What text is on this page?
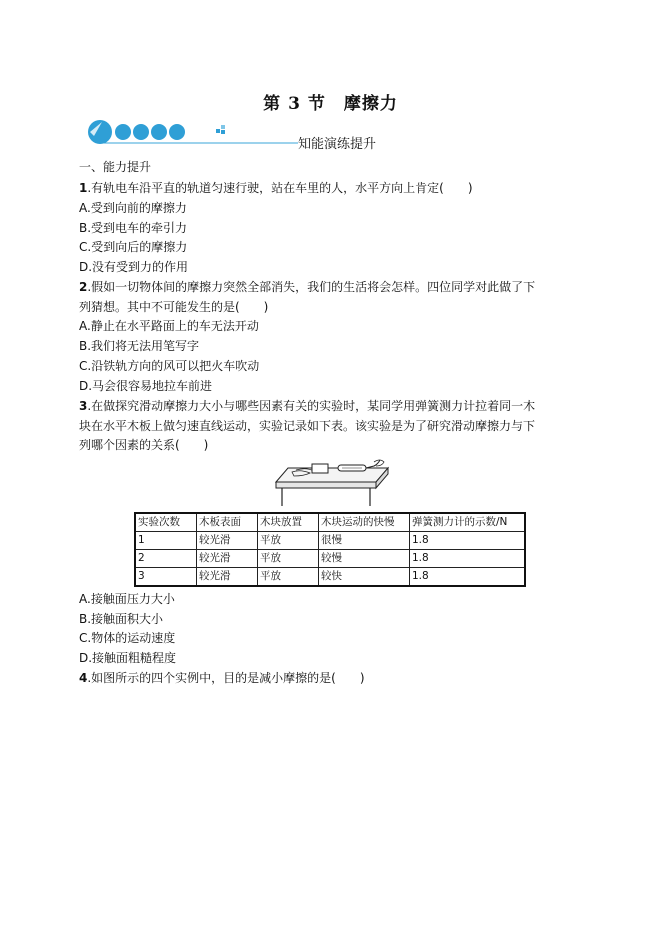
第 3 节　摩擦力
知能演练提升
一、能力提升
1.有轨电车沿平直的轨道匀速行驶，站在车里的人，水平方向上肯定(　　)
A.受到向前的摩擦力
B.受到电车的牵引力
C.受到向后的摩擦力
D.没有受到力的作用
2.假如一切物体间的摩擦力突然全部消失，我们的生活将会怎样。四位同学对此做了下
列猜想。其中不可能发生的是(　　)
A.静止在水平路面上的车无法开动
B.我们将无法用笔写字
C.沿铁轨方向的风可以把火车吹动
D.马会很容易地拉车前进
3.在做探究滑动摩擦力大小与哪些因素有关的实验时，某同学用弹簧测力计拉着同一木
块在水平木板上做匀速直线运动，实验记录如下表。该实验是为了研究滑动摩擦力与下
列哪个因素的关系(　　)
实验次数	木板表面	木块放置	木块运动的快慢	弹簧测力计的示数/N
1	较光滑	平放	很慢	1.8
2	较光滑	平放	较慢	1.8
3	较光滑	平放	较快	1.8
A.接触面压力大小
B.接触面积大小
C.物体的运动速度
D.接触面粗糙程度
4.如图所示的四个实例中，目的是减小摩擦的是(　　)
